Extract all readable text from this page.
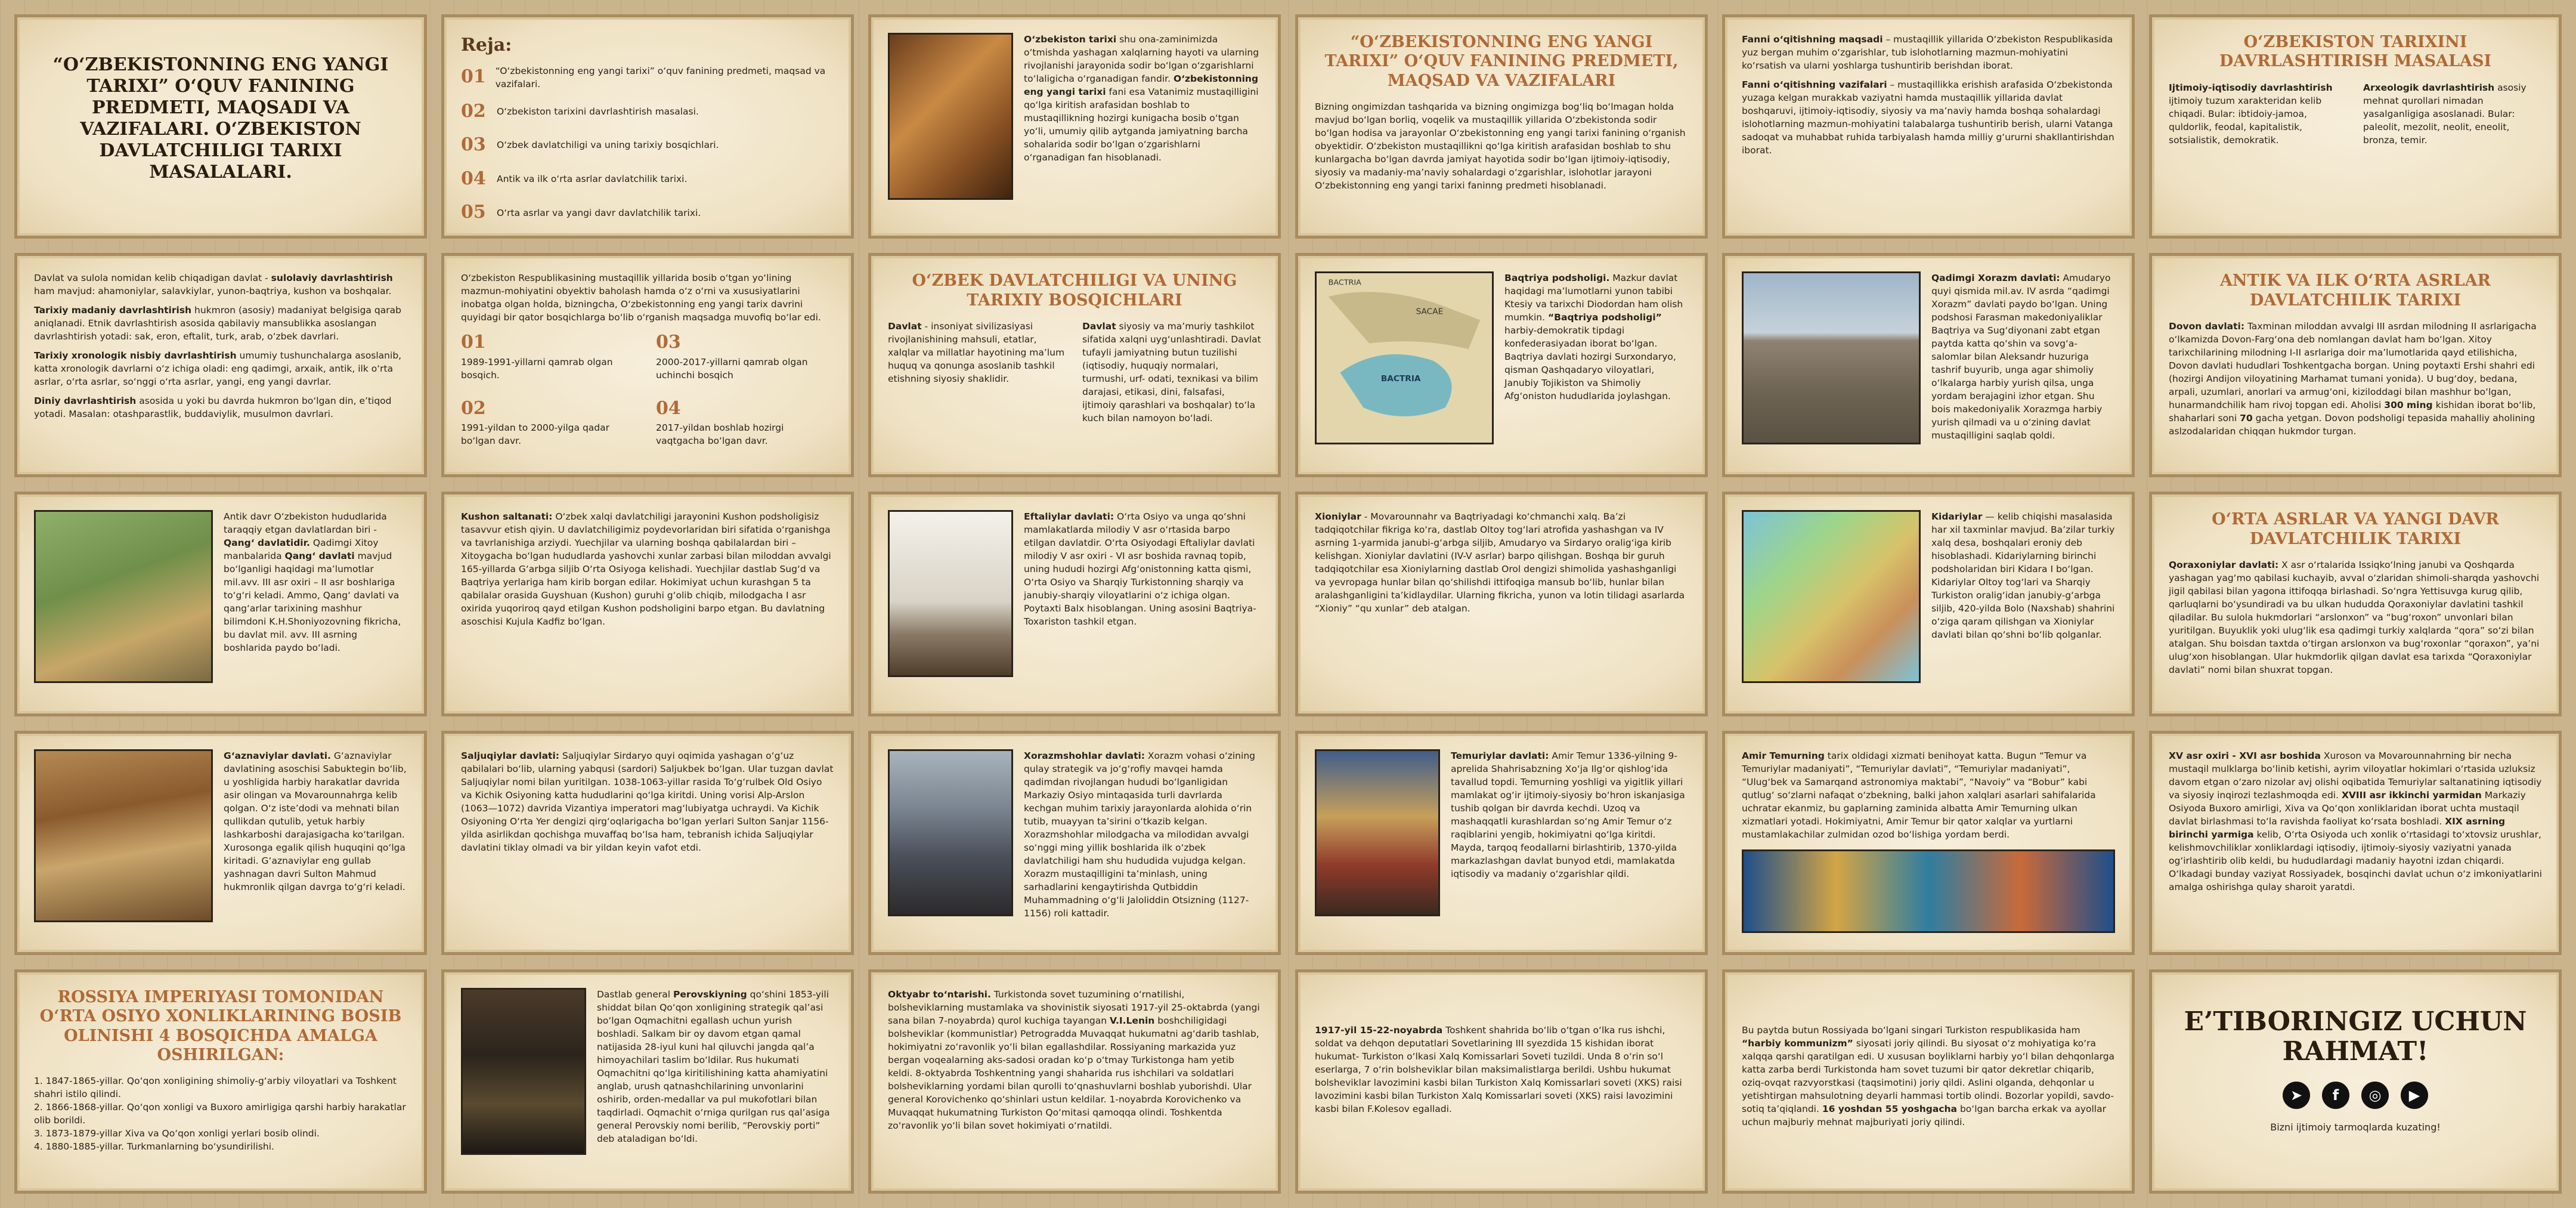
“O‘ZBEKISTONNING ENG YANGI TARIXI” O‘QUV FANINING PREDMETI, MAQSADI VA VAZIFALARI. O‘ZBEKISTON DAVLATCHILIGI TARIXI MASALALARI.
Reja:
01 “O‘zbekistonning eng yangi tarixi” o‘quv fanining predmeti, maqsad va vazifalari.
02 O‘zbekiston tarixini davrlashtirish masalasi.
03 O‘zbek davlatchiligi va uning tarixiy bosqichlari.
04 Antik va ilk o‘rta asrlar davlatchilik tarixi.
05 O‘rta asrlar va yangi davr davlatchilik tarixi.

O‘zbekiston tarixi shu ona-zaminimizda o‘tmishda yashagan xalqlarning hayoti va ularning rivojlanishi jarayonida sodir bo‘lgan o‘zgarishlarni to‘laligicha o‘rganadigan fandir. O‘zbekistonning eng yangi tarixi fani esa Vatanimiz mustaqilligini qo‘lga kiritish arafasidan boshlab to mustaqillikning hozirgi kunigacha bosib o‘tgan yo‘li, umumiy qilib aytganda jamiyatning barcha sohalarida sodir bo‘lgan o‘zgarishlarni o‘rganadigan fan hisoblanadi.

“O‘ZBEKISTONNING ENG YANGI TARIXI” O‘QUV FANINING PREDMETI, MAQSAD VA VAZIFALARI

Bizning ongimizdan tashqarida va bizning ongimizga bog‘liq bo‘lmagan holda mavjud bo‘lgan borliq, voqelik va mustaqillik yillarida O‘zbekistonda sodir bo‘lgan hodisa va jarayonlar O‘zbekistonning eng yangi tarixi fanining o‘rganish obyektidir. O‘zbekiston mustaqillikni qo‘lga kiritish arafasidan boshlab to shu kunlargacha bo‘lgan davrda jamiyat hayotida sodir bo‘lgan ijtimoiy-iqtisodiy, siyosiy va madaniy-ma’naviy sohalardagi o‘zgarishlar, islohotlar jarayoni O‘zbekistonning eng yangi tarixi faninng predmeti hisoblanadi.

Fanni o‘qitishning maqsadi – mustaqillik yillarida O‘zbekiston Respublikasida yuz bergan muhim o‘zgarishlar, tub islohotlarning mazmun-mohiyatini ko‘rsatish va ularni yoshlarga tushuntirib berishdan iborat.

Fanni o‘qitishning vazifalari – mustaqillikka erishish arafasida O‘zbekistonda yuzaga kelgan murakkab vaziyatni hamda mustaqillik yillarida davlat boshqaruvi, ijtimoiy-iqtisodiy, siyosiy va ma’naviy hamda boshqa sohalardagi islohotlarning mazmun-mohiyatini talabalarga tushuntirib berish, ularni Vatanga sadoqat va muhabbat ruhida tarbiyalash hamda milliy g‘ururni shakllantirishdan iborat.

O‘ZBEKISTON TARIXINI DAVRLASHTIRISH MASALASI
Ijtimoiy-iqtisodiy davrlashtirish ijtimoiy tuzum xarakteridan kelib chiqadi. Bular: ibtidoiy-jamoa, quldorlik, feodal, kapitalistik, sotsialistik, demokratik.
Arxeologik davrlashtirish asosiy mehnat qurollari nimadan yasalganligiga asoslanadi. Bular: paleolit, mezolit, neolit, eneolit, bronza, temir.

Davlat va sulola nomidan kelib chiqadigan davlat - sulolaviy davrlashtirish ham mavjud: ahamoniylar, salavkiylar, yunon-baqtriya, kushon va boshqalar.

Tarixiy madaniy davrlashtirish hukmron (asosiy) madaniyat belgisiga qarab aniqlanadi. Etnik davrlashtirish asosida qabilaviy mansublikka asoslangan davrlashtirish yotadi: sak, eron, eftalit, turk, arab, o‘zbek davrlari.

Tarixiy xronologik nisbiy davrlashtirish umumiy tushunchalarga asoslanib, katta xronologik davrlarni o‘z ichiga oladi: eng qadimgi, arxaik, antik, ilk o‘rta asrlar, o‘rta asrlar, so‘nggi o‘rta asrlar, yangi, eng yangi davrlar.

Diniy davrlashtirish asosida u yoki bu davrda hukmron bo‘lgan din, e’tiqod yotadi. Masalan: otashparastlik, buddaviylik, musulmon davrlari.

O‘zbekiston Respublikasining mustaqillik yillarida bosib o‘tgan yo‘lining mazmun-mohiyatini obyektiv baholash hamda o‘z o‘rni va xususiyatlarini inobatga olgan holda, bizningcha, O‘zbekistonning eng yangi tarix davrini quyidagi bir qator bosqichlarga bo‘lib o‘rganish maqsadga muvofiq bo‘lar edi.

01
1989-1991-yillarni qamrab olgan bosqich.
03
2000-2017-yillarni qamrab olgan uchinchi bosqich
02
1991-yildan to 2000-yilga qadar bo‘lgan davr.
04
2017-yildan boshlab hozirgi vaqtgacha bo‘lgan davr.
O‘ZBEK DAVLATCHILIGI VA UNING TARIXIY BOSQICHLARI
Davlat - insoniyat sivilizasiyasi rivojlanishining mahsuli, etatlar, xalqlar va millatlar hayotining ma’lum huquq va qonunga asoslanib tashkil etishning siyosiy shaklidir.
Davlat siyosiy va ma’muriy tashkilot sifatida xalqni uyg‘unlashtiradi. Davlat tufayli jamiyatning butun tuzilishi (iqtisodiy, huquqiy normalari, turmushi, urf- odati, texnikasi va bilim darajasi, etikasi, dini, falsafasi, ijtimoiy qarashlari va boshqalar) to‘la kuch bilan namoyon bo‘ladi.
BACTRIA
SACAE
BACTRIA

Baqtriya podsholigi. Mazkur davlat haqidagi ma’lumotlarni yunon tabibi Ktesiy va tarixchi Diodordan ham olish mumkin. “Baqtriya podsholigi” harbiy-demokratik tipdagi konfederasiyadan iborat bo‘lgan. Baqtriya davlati hozirgi Surxondaryo, qisman Qashqadaryo viloyatlari, Janubiy Tojikiston va Shimoliy Afg‘oniston hududlarida joylashgan.

Qadimgi Xorazm davlati: Amudaryo quyi qismida mil.av. IV asrda “qadimgi Xorazm” davlati paydo bo‘lgan. Uning podshosi Farasman makedoniyaliklar Baqtriya va Sug‘diyonani zabt etgan paytda katta qo‘shin va sovg‘a-salomlar bilan Aleksandr huzuriga tashrif buyurib, unga agar shimoliy o‘lkalarga harbiy yurish qilsa, unga yordam berajagini izhor etgan. Shu bois makedoniyalik Xorazmga harbiy yurish qilmadi va u o‘zining davlat mustaqilligini saqlab qoldi.

ANTIK VA ILK O‘RTA ASRLAR DAVLATCHILIK TARIXI

Dovon davlati: Taxminan miloddan avvalgi III asrdan milodning II asrlarigacha o‘lkamizda Dovon-Farg‘ona deb nomlangan davlat ham bo‘lgan. Xitoy tarixchilarining milodning I-II asrlariga doir ma’lumotlarida qayd etilishicha, Dovon davlati hududlari Toshkentgacha borgan. Uning poytaxti Ershi shahri edi (hozirgi Andijon viloyatining Marhamat tumani yonida). U bug‘doy, bedana, arpali, uzumlari, anorlari va armug‘oni, kiziloddagi bilan mashhur bo‘lgan, hunarmandchilik ham rivoj topgan edi. Aholisi 300 ming kishidan iborat bo‘lib, shaharlari soni 70 gacha yetgan. Dovon podsholigi tepasida mahalliy aholining aslzodalaridan chiqqan hukmdor turgan.

Antik davr O‘zbekiston hududlarida taraqqiy etgan davlatlardan biri - Qang‘ davlatidir. Qadimgi Xitoy manbalarida Qang‘ davlati mavjud bo‘lganligi haqidagi ma’lumotlar mil.avv. III asr oxiri – II asr boshlariga to‘g‘ri keladi. Ammo, Qang‘ davlati va qang‘arlar tarixining mashhur bilimdoni K.H.Shoniyozovning fikricha, bu davlat mil. avv. III asrning boshlarida paydo bo‘ladi.

Kushon saltanati: O‘zbek xalqi davlatchiligi jarayonini Kushon podsholigisiz tasavvur etish qiyin. U davlatchiligimiz poydevorlaridan biri sifatida o‘rganishga va tavrlanishiga arziydi. Yuechjilar va ularning boshqa qabilalardan biri – Xitoygacha bo‘lgan hududlarda yashovchi xunlar zarbasi bilan miloddan avvalgi 165-yillarda G‘arbga siljib O‘rta Osiyoga kelishadi. Yuechjilar dastlab Sug‘d va Baqtriya yerlariga ham kirib borgan edilar. Hokimiyat uchun kurashgan 5 ta qabilalar orasida Guyshuan (Kushon) guruhi g‘olib chiqib, milodgacha I asr oxirida yuqoriroq qayd etilgan Kushon podsholigini barpo etgan. Bu davlatning asoschisi Kujula Kadfiz bo‘lgan.

Eftaliylar davlati: O‘rta Osiyo va unga qo‘shni mamlakatlarda milodiy V asr o‘rtasida barpo etilgan davlatdir. O‘rta Osiyodagi Eftaliylar davlati milodiy V asr oxiri - VI asr boshida ravnaq topib, uning hududi hozirgi Afg‘onistonning katta qismi, O‘rta Osiyo va Sharqiy Turkistonning sharqiy va janubiy-sharqiy viloyatlarini o‘z ichiga olgan. Poytaxti Balx hisoblangan. Uning asosini Baqtriya-Toxariston tashkil etgan.

Xioniylar - Movarounnahr va Baqtriyadagi ko‘chmanchi xalq. Ba’zi tadqiqotchilar fikriga ko‘ra, dastlab Oltoy tog‘lari atrofida yashashgan va IV asrning 1-yarmida janubi-g‘arbga siljib, Amudaryo va Sirdaryo oralig‘iga kirib kelishgan. Xioniylar davlatini (IV-V asrlar) barpo qilishgan. Boshqa bir guruh tadqiqotchilar esa Xioniylarning dastlab Orol dengizi shimolida yashashganligi va yevropaga hunlar bilan qo‘shilishdi ittifoqiga mansub bo‘lib, hunlar bilan aralashganligini ta’kidlaydilar. Ularning fikricha, yunon va lotin tilidagi asarlarda “Xioniy” “qu xunlar” deb atalgan.

Kidariylar — kelib chiqishi masalasida har xil taxminlar mavjud. Ba’zilar turkiy xalq desa, boshqalari eroniy deb hisoblashadi. Kidariylarning birinchi podsholaridan biri Kidara I bo‘lgan. Kidariylar Oltoy tog‘lari va Sharqiy Turkiston oralig‘idan janubiy-g‘arbga siljib, 420-yilda Bolo (Naxshab) shahrini o‘ziga qaram qilishgan va Xioniylar davlati bilan qo‘shni bo‘lib qolganlar.

O‘RTA ASRLAR VA YANGI DAVR DAVLATCHILIK TARIXI

Qoraxoniylar davlati: X asr o‘rtalarida Issiqko‘lning janubi va Qoshqarda yashagan yag‘mo qabilasi kuchayib, avval o‘zlaridan shimoli-sharqda yashovchi jigil qabilasi bilan yagona ittifoqqa birlashadi. So‘ngra Yettisuvga kurug qilib, qarluqlarni bo‘ysundiradi va bu ulkan hududda Qoraxoniylar davlatini tashkil qiladilar. Bu sulola hukmdorlari “arslonxon” va “bug‘roxon” unvonlari bilan yuritilgan. Buyuklik yoki ulug‘lik esa qadimgi turkiy xalqlarda “qora” so‘zi bilan atalgan. Shu boisdan taxtda o‘tirgan arslonxon va bug‘roxonlar “qoraxon”, ya’ni ulug‘xon hisoblangan. Ular hukmdorlik qilgan davlat esa tarixda “Qoraxoniylar davlati” nomi bilan shuxrat topgan.

G‘aznaviylar davlati. G‘aznaviylar davlatining asoschisi Sabuktegin bo‘lib, u yoshligida harbiy harakatlar davrida asir olingan va Movarounnahrga kelib qolgan. O‘z iste’dodi va mehnati bilan qullikdan qutulib, yetuk harbiy lashkarboshi darajasigacha ko‘tarilgan. Xurosonga egalik qilish huquqini qo‘lga kiritadi. G‘aznaviylar eng gullab yashnagan davri Sulton Mahmud hukmronlik qilgan davrga to‘g‘ri keladi.

Saljuqiylar davlati: Saljuqiylar Sirdaryo quyi oqimida yashagan o‘g‘uz qabilalari bo‘lib, ularning yabqusi (sardori) Saljukbek bo‘lgan. Ular tuzgan davlat Saljuqiylar nomi bilan yuritilgan. 1038-1063-yillar rasida To‘g‘rulbek Old Osiyo va Kichik Osiyoning katta hududlarini qo‘lga kiritdi. Uning vorisi Alp-Arslon (1063—1072) davrida Vizantiya imperatori mag‘lubiyatga uchraydi. Va Kichik Osiyoning O‘rta Yer dengizi qirg‘oqlarigacha bo‘lgan yerlari Sulton Sanjar 1156-yilda asirlikdan qochishga muvaffaq bo‘lsa ham, tebranish ichida Saljuqiylar davlatini tiklay olmadi va bir yildan keyin vafot etdi.

Xorazmshohlar davlati: Xorazm vohasi o‘zining qulay strategik va jo‘g‘rofiy mavqei hamda qadimdan rivojlangan hududi bo‘lganligidan Markaziy Osiyo mintaqasida turli davrlarda kechgan muhim tarixiy jarayonlarda alohida o‘rin tutib, muayyan ta’sirini o‘tkazib kelgan. Xorazmshohlar milodgacha va milodidan avvalgi so‘nggi ming yillik boshlarida ilk o‘zbek davlatchiligi ham shu hududida vujudga kelgan. Xorazm mustaqilligini ta’minlash, uning sarhadlarini kengaytirishda Qutbiddin Muhammadning o‘g‘li Jaloliddin Otsizning (1127-1156) roli kattadir.

Temuriylar davlati: Amir Temur 1336-yilning 9-aprelida Shahrisabzning Xo‘ja Ilg‘or qishlog‘ida tavallud topdi. Temurning yoshligi va yigitlik yillari mamlakat og‘ir ijtimoiy-siyosiy bo‘hron iskanjasiga tushib qolgan bir davrda kechdi. Uzoq va mashaqqatli kurashlardan so‘ng Amir Temur o‘z raqiblarini yengib, hokimiyatni qo‘lga kiritdi. Mayda, tarqoq feodallarni birlashtirib, 1370-yilda markazlashgan davlat bunyod etdi, mamlakatda iqtisodiy va madaniy o‘zgarishlar qildi.

Amir Temurning tarix oldidagi xizmati benihoyat katta. Bugun “Temur va Temuriylar madaniyati”, “Temuriylar davlati”, “Temuriylar madaniyati”, “Ulug‘bek va Samarqand astronomiya maktabi”, “Navoiy” va “Bobur” kabi qutlug‘ so‘zlarni nafaqat o‘zbekning, balki jahon xalqlari asarlari sahifalarida uchratar ekanmiz, bu gaplarning zaminida albatta Amir Temurning ulkan xizmatlari yotadi. Hokimiyatni, Amir Temur bir qator xalqlar va yurtlarni mustamlakachilar zulmidan ozod bo‘lishiga yordam berdi.

XV asr oxiri - XVI asr boshida Xuroson va Movarounnahrning bir necha mustaqil mulklarga bo‘linib ketishi, ayrim viloyatlar hokimlari o‘rtasida uzluksiz davom etgan o‘zaro nizolar avj olishi oqibatida Temuriylar saltanatining iqtisodiy va siyosiy inqirozi tezlashmoqda edi. XVIII asr ikkinchi yarmidan Markaziy Osiyoda Buxoro amirligi, Xiva va Qo‘qon xonliklaridan iborat uchta mustaqil davlat birlashmasi to‘la ravishda faoliyat ko‘rsata boshladi. XIX asrning birinchi yarmiga kelib, O‘rta Osiyoda uch xonlik o‘rtasidagi to‘xtovsiz urushlar, kelishmovchiliklar xonliklardagi iqtisodiy, ijtimoiy-siyosiy vaziyatni yanada og‘irlashtirib olib keldi, bu hududlardagi madaniy hayotni izdan chiqardi. O‘lkadagi bunday vaziyat Rossiyadek, bosqinchi davlat uchun o‘z imkoniyatlarini amalga oshirishga qulay sharoit yaratdi.

ROSSIYA IMPERIYASI TOMONIDAN O‘RTA OSIYO XONLIKLARINING BOSIB OLINISHI 4 BOSQICHDA AMALGA OSHIRILGAN:
1. 1847-1865-yillar. Qo‘qon xonligining shimoliy-g‘arbiy viloyatlari va Toshkent shahri istilo qilindi.
2. 1866-1868-yillar. Qo‘qon xonligi va Buxoro amirligiga qarshi harbiy harakatlar olib borildi.
3. 1873-1879-yillar Xiva va Qo‘qon xonligi yerlari bosib olindi.
4. 1880-1885-yillar. Turkmanlarning bo‘ysundirilishi.

Dastlab general Perovskiyning qo‘shini 1853-yili shiddat bilan Qo‘qon xonligining strategik qal’asi bo‘lgan Oqmachitni egallash uchun yurish boshladi. Salkam bir oy davom etgan qamal natijasida 28-iyul kuni hal qiluvchi jangda qal’a himoyachilari taslim bo‘ldilar. Rus hukumati Oqmachitni qo‘lga kiritilishining katta ahamiyatini anglab, urush qatnashchilarining unvonlarini oshirib, orden-medallar va pul mukofotlari bilan taqdirladi. Oqmachit o‘rniga qurilgan rus qal’asiga general Perovskiy nomi berilib, “Perovskiy porti” deb ataladigan bo‘ldi.

Oktyabr to‘ntarishi. Turkistonda sovet tuzumining o‘rnatilishi, bolsheviklarning mustamlaka va shovinistik siyosati 1917-yil 25-oktabrda (yangi sana bilan 7-noyabrda) qurol kuchiga tayangan V.I.Lenin boshchiligidagi bolsheviklar (kommunistlar) Petrogradda Muvaqqat hukumatni ag‘darib tashlab, hokimiyatni zo‘ravonlik yo‘li bilan egallashdilar. Rossiyaning markazida yuz bergan voqealarning aks-sadosi oradan ko‘p o‘tmay Turkistonga ham yetib keldi. 8-oktyabrda Toshkentning yangi shaharida rus ishchilari va soldatlari bolsheviklarning yordami bilan qurolli to‘qnashuvlarni boshlab yuborishdi. Ular general Korovichenko qo‘shinlari ustun keldilar. 1-noyabrda Korovichenko va Muvaqqat hukumatning Turkiston Qo‘mitasi qamoqqa olindi. Toshkentda zo‘ravonlik yo‘li bilan sovet hokimiyati o‘rnatildi.

1917-yil 15-22-noyabrda Toshkent shahrida bo‘lib o‘tgan o‘lka rus ishchi, soldat va dehqon deputatlari Sovetlarining III syezdida 15 kishidan iborat hukumat- Turkiston o‘lkasi Xalq Komissarlari Soveti tuzildi. Unda 8 o‘rin so‘l eserlarga, 7 o‘rin bolsheviklar bilan maksimalistlarga berildi. Ushbu hukumat bolsheviklar lavozimini kasbi bilan Turkiston Xalq Komissarlari soveti (XKS) raisi lavozimini kasbi bilan Turkiston Xalq Komissarlari soveti (XKS) raisi lavozimini kasbi bilan F.Kolesov egalladi.

Bu paytda butun Rossiyada bo‘lgani singari Turkiston respublikasida ham “harbiy kommunizm” siyosati joriy qilindi. Bu siyosat o‘z mohiyatiga ko‘ra xalqqa qarshi qaratilgan edi. U xususan boyliklarni harbiy yo‘l bilan dehqonlarga katta zarba berdi Turkistonda ham sovet tuzumi bir qator dekretlar chiqarib, oziq-ovqat razvyorstkasi (taqsimotini) joriy qildi. Aslini olganda, dehqonlar u yetishtirgan mahsulotning deyarli hammasi tortib olindi. Bozorlar yopildi, savdo-sotiq ta’qiqlandi. 16 yoshdan 55 yoshgacha bo‘lgan barcha erkak va ayollar uchun majburiy mehnat majburiyati joriy qilindi.

E’TIBORINGIZ UCHUN RAHMAT!
➤	f	◎	▶
Bizni ijtimoiy tarmoqlarda kuzating!
